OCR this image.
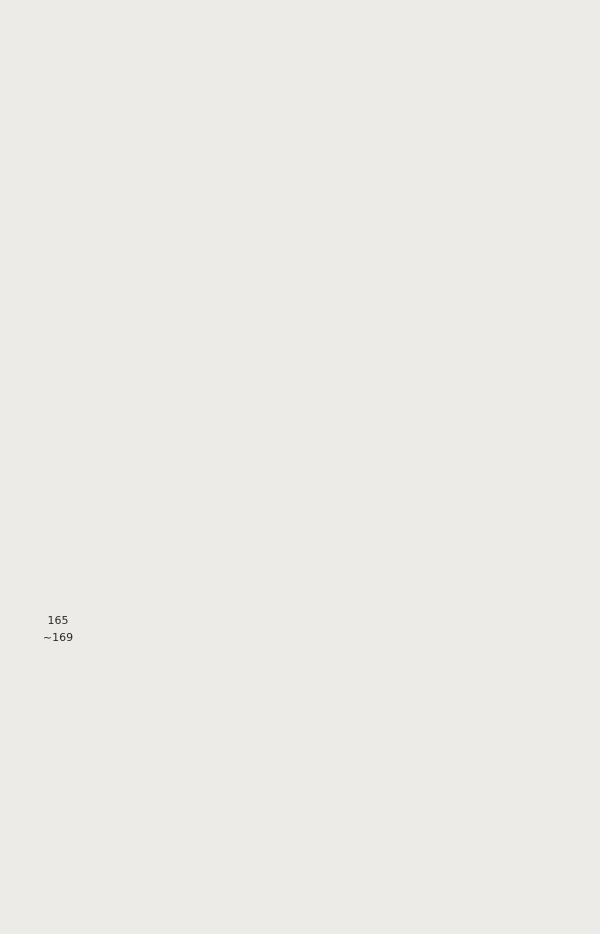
165
~169
